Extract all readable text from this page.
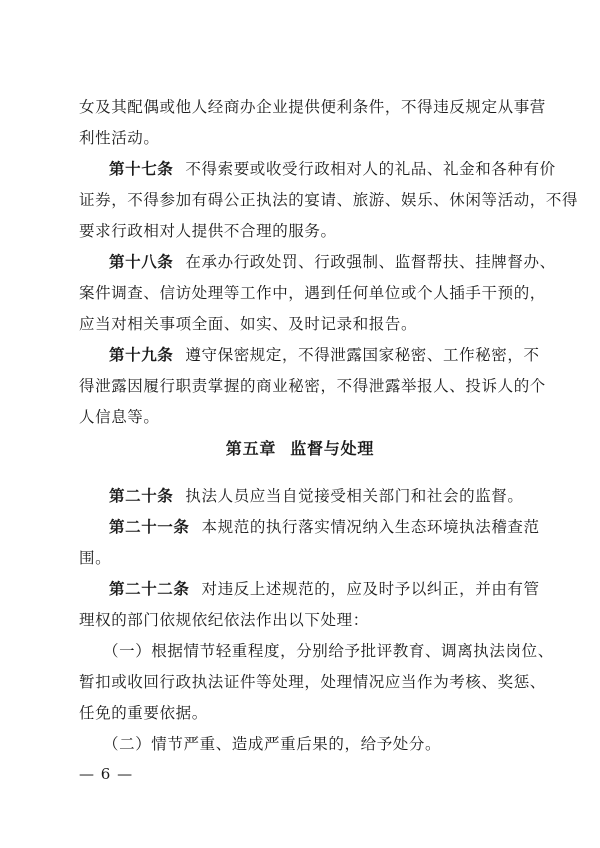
女及其配偶或他人经商办企业提供便利条件，不得违反规定从事营
利性活动。
第十七条 不得索要或收受行政相对人的礼品、礼金和各种有价
证券，不得参加有碍公正执法的宴请、旅游、娱乐、休闲等活动，不得
要求行政相对人提供不合理的服务。
第十八条 在承办行政处罚、行政强制、监督帮扶、挂牌督办、
案件调查、信访处理等工作中，遇到任何单位或个人插手干预的，
应当对相关事项全面、如实、及时记录和报告。
第十九条 遵守保密规定，不得泄露国家秘密、工作秘密，不
得泄露因履行职责掌握的商业秘密，不得泄露举报人、投诉人的个
人信息等。
第五章 监督与处理
第二十条 执法人员应当自觉接受相关部门和社会的监督。
第二十一条 本规范的执行落实情况纳入生态环境执法稽查范
围。
第二十二条 对违反上述规范的，应及时予以纠正，并由有管
理权的部门依规依纪依法作出以下处理：
（一）根据情节轻重程度，分别给予批评教育、调离执法岗位、
暂扣或收回行政执法证件等处理，处理情况应当作为考核、奖惩、
任免的重要依据。
（二）情节严重、造成严重后果的，给予处分。
— 6 —
